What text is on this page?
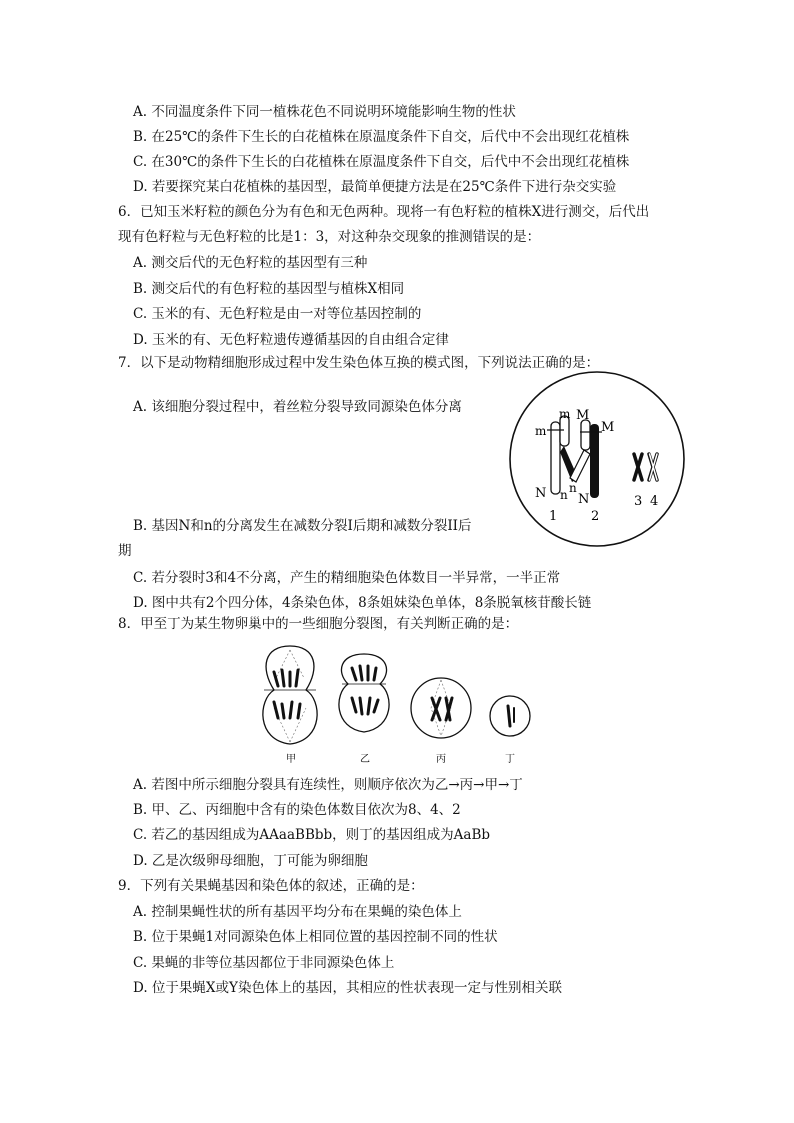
A. 不同温度条件下同一植株花色不同说明环境能影响生物的性状
B. 在25℃的条件下生长的白花植株在原温度条件下自交，后代中不会出现红花植株
C. 在30℃的条件下生长的白花植株在原温度条件下自交，后代中不会出现红花植株
D. 若要探究某白花植株的基因型，最简单便捷方法是在25℃条件下进行杂交实验
6．已知玉米籽粒的颜色分为有色和无色两种。现将一有色籽粒的植株X进行测交，后代出
现有色籽粒与无色籽粒的比是1：3，对这种杂交现象的推测错误的是：
A. 测交后代的无色籽粒的基因型有三种
B. 测交后代的有色籽粒的基因型与植株X相同
C. 玉米的有、无色籽粒是由一对等位基因控制的
D. 玉米的有、无色籽粒遗传遵循基因的自由组合定律
7．以下是动物精细胞形成过程中发生染色体互换的模式图，下列说法正确的是：
A. 该细胞分裂过程中，着丝粒分裂导致同源染色体分离
m
m M
M
N n n
N
1	2
3 4
B. 基因N和n的分离发生在减数分裂I后期和减数分裂II后
期
C. 若分裂时3和4不分离，产生的精细胞染色体数目一半异常，一半正常
D. 图中共有2个四分体，4条染色体，8条姐妹染色单体，8条脱氧核苷酸长链
8．甲至丁为某生物卵巢中的一些细胞分裂图，有关判断正确的是：
甲	乙	丙	丁
A. 若图中所示细胞分裂具有连续性，则顺序依次为乙→丙→甲→丁
B. 甲、乙、丙细胞中含有的染色体数目依次为8、4、2
C. 若乙的基因组成为AAaaBBbb，则丁的基因组成为AaBb
D. 乙是次级卵母细胞，丁可能为卵细胞
9．下列有关果蝇基因和染色体的叙述，正确的是：
A. 控制果蝇性状的所有基因平均分布在果蝇的染色体上
B. 位于果蝇1对同源染色体上相同位置的基因控制不同的性状
C. 果蝇的非等位基因都位于非同源染色体上
D. 位于果蝇X或Y染色体上的基因，其相应的性状表现一定与性别相关联
